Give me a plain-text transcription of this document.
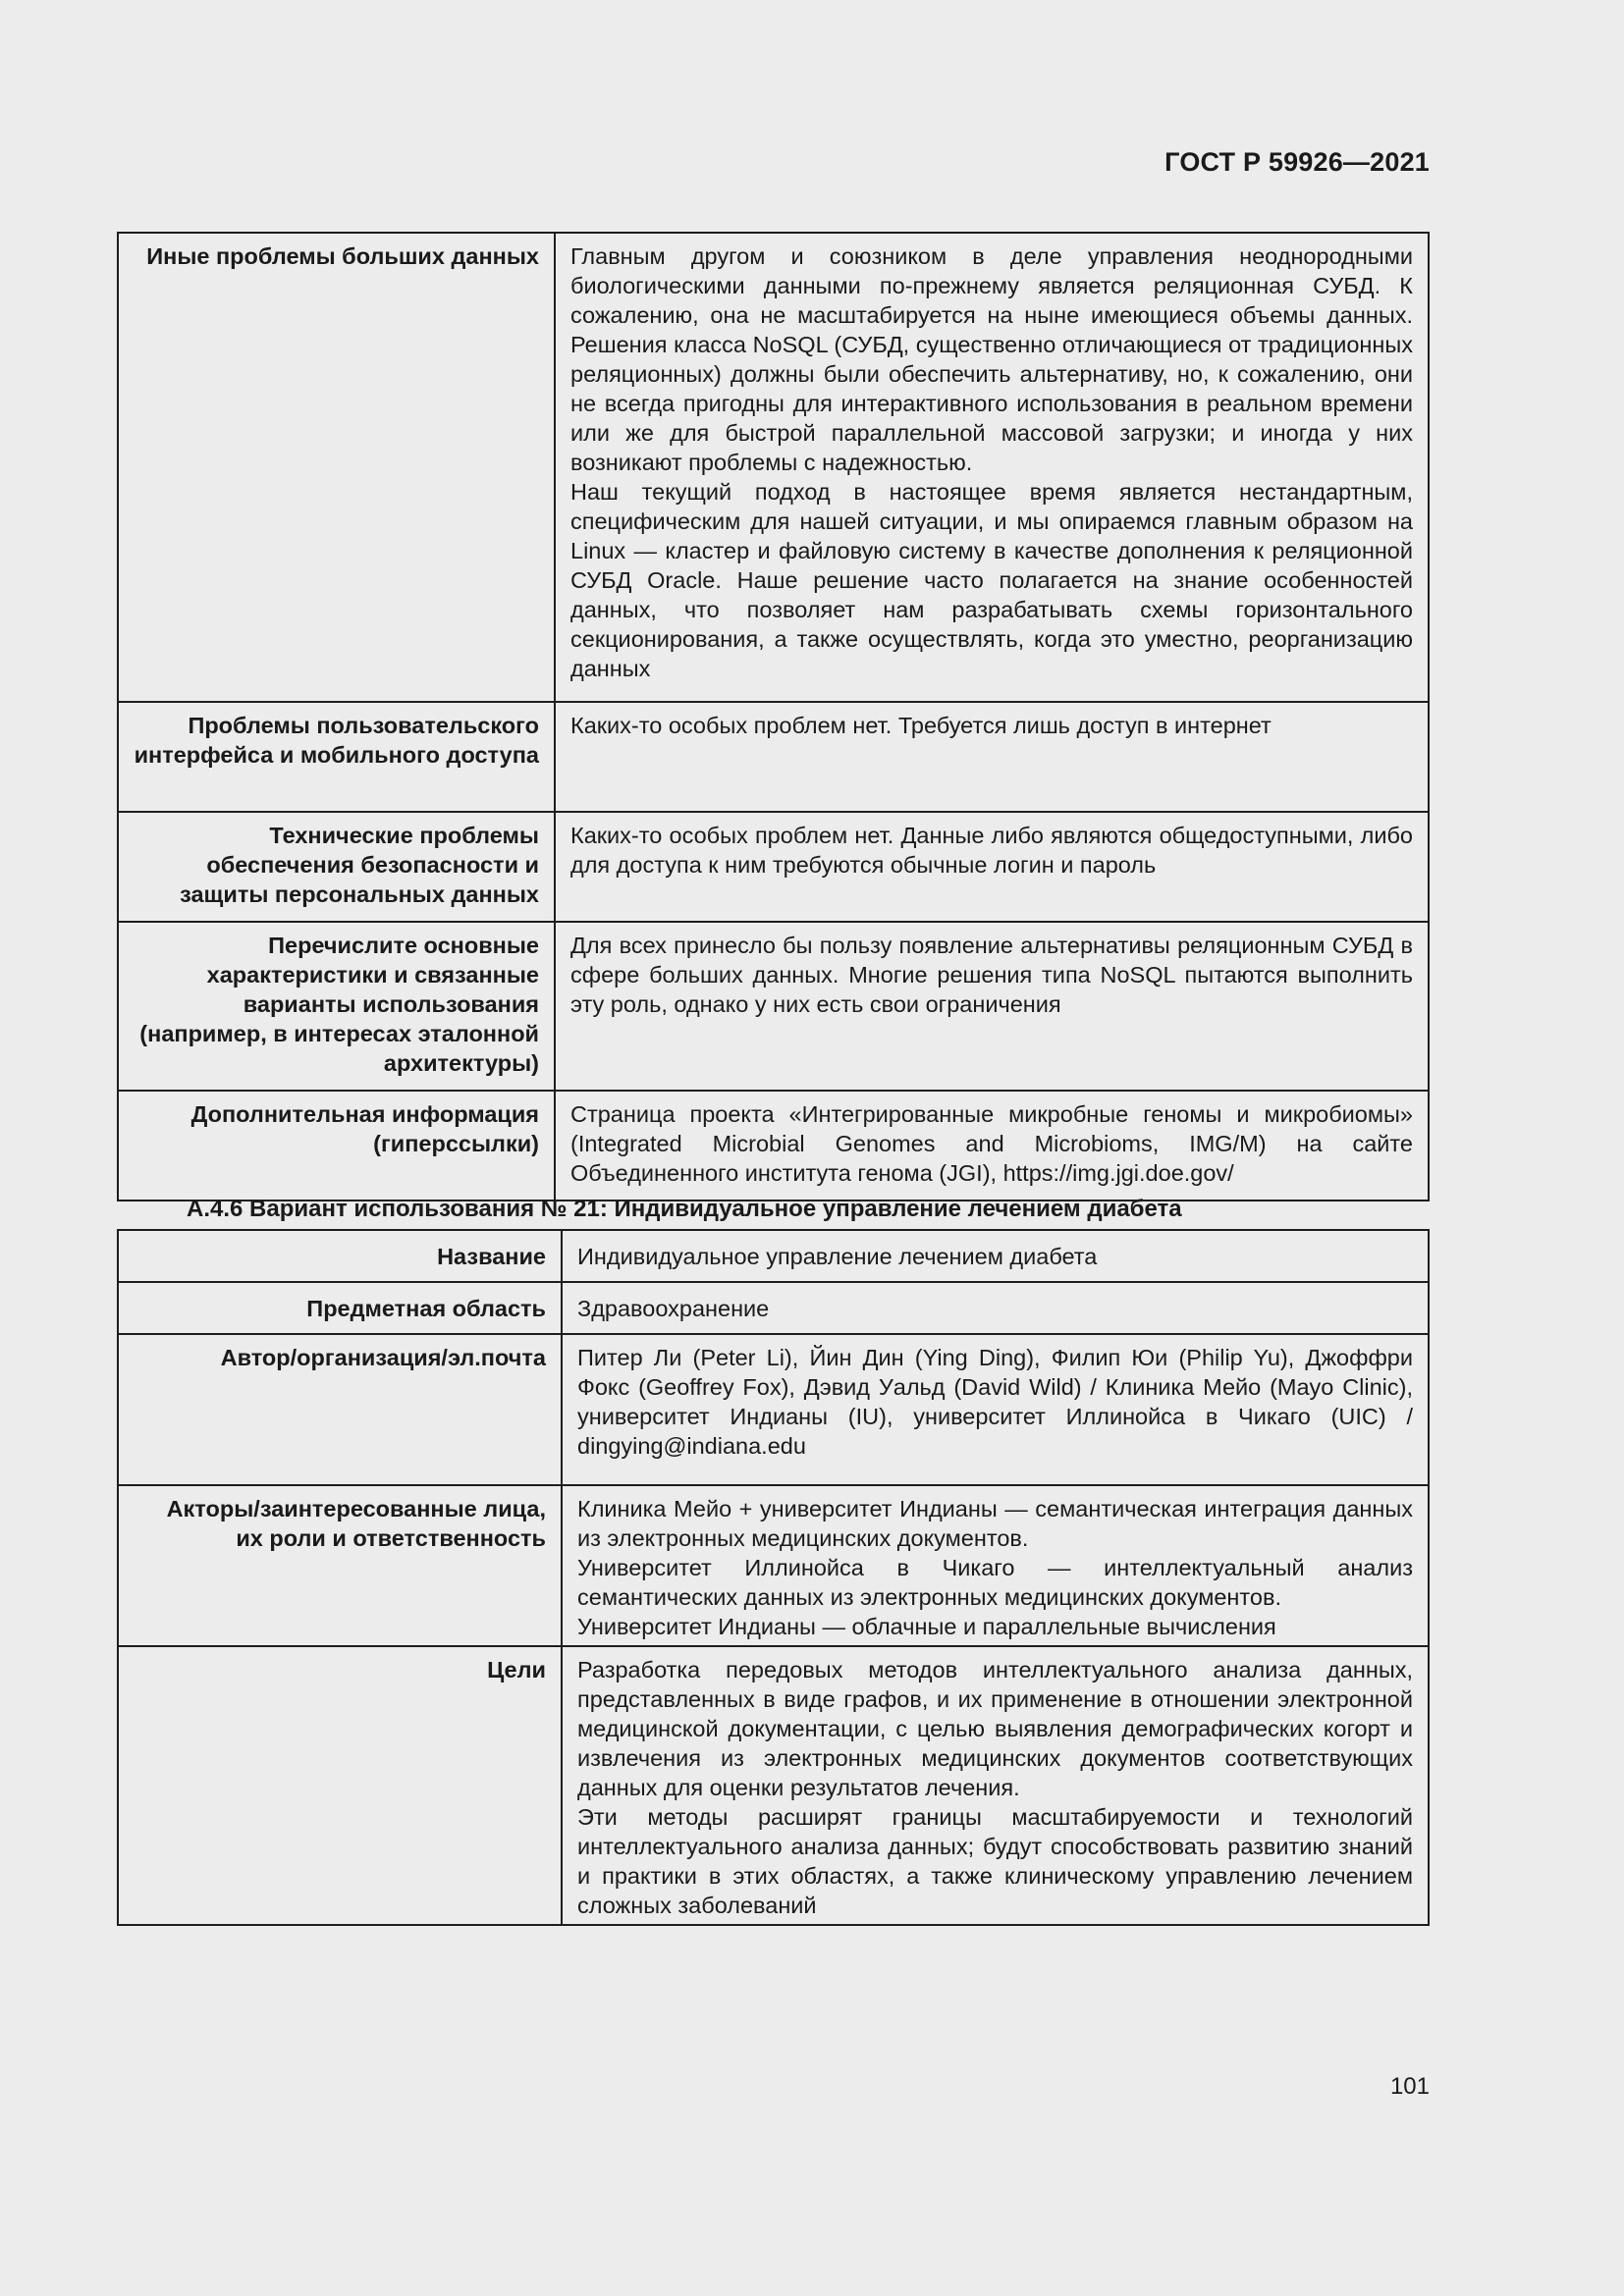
ГОСТ Р 59926—2021
Иные проблемы больших данных	Главным другом и союзником в деле управления неоднородными биологическими данными по-прежнему является реляционная СУБД. К сожалению, она не масштабируется на ныне имеющиеся объемы данных. Решения класса NoSQL (СУБД, существенно отличающиеся от традиционных реляционных) должны были обеспечить альтернативу, но, к сожалению, они не всегда пригодны для интерактивного использования в реальном времени или же для быстрой параллельной массовой загрузки; и иногда у них возникают проблемы с надежностью.
Наш текущий подход в настоящее время является нестандартным, специфическим для нашей ситуации, и мы опираемся главным образом на Linux — кластер и файловую систему в качестве дополнения к реляционной СУБД Oracle. Наше решение часто полагается на знание особенностей данных, что позволяет нам разрабатывать схемы горизонтального секционирования, а также осуществлять, когда это уместно, реорганизацию данных

Проблемы пользовательского интерфейса и мобильного доступа	Каких-то особых проблем нет. Требуется лишь доступ в интернет

Технические проблемы обеспечения безопасности и защиты персональных данных	Каких-то особых проблем нет. Данные либо являются общедоступными, либо для доступа к ним требуются обычные логин и пароль

Перечислите основные характеристики и связанные варианты использования (например, в интересах эталонной архитектуры)	Для всех принесло бы пользу появление альтернативы реляционным СУБД в сфере больших данных. Многие решения типа NoSQL пытаются выполнить эту роль, однако у них есть свои ограничения

Дополнительная информация (гиперссылки)	Страница проекта «Интегрированные микробные геномы и микробиомы» (Integrated Microbial Genomes and Microbioms, IMG/M) на сайте Объединенного института генома (JGI), https://img.jgi.doe.gov/
А.4.6 Вариант использования № 21: Индивидуальное управление лечением диабета
Название	Индивидуальное управление лечением диабета

Предметная область	Здравоохранение

Автор/организация/эл.почта	Питер Ли (Peter Li), Йин Дин (Ying Ding), Филип Юи (Philip Yu), Джоффри Фокс (Geoffrey Fox), Дэвид Уальд (David Wild) / Клиника Мейо (Mayo Clinic), университет Индианы (IU), университет Иллинойса в Чикаго (UIC) / dingying@indiana.edu

Акторы/заинтересованные лица, их роли и ответственность	Клиника Мейо + университет Индианы — семантическая интеграция данных из электронных медицинских документов.
Университет Иллинойса в Чикаго — интеллектуальный анализ семантических данных из электронных медицинских документов.
Университет Индианы — облачные и параллельные вычисления

Цели	Разработка передовых методов интеллектуального анализа данных, представленных в виде графов, и их применение в отношении электронной медицинской документации, с целью выявления демографических когорт и извлечения из электронных медицинских документов соответствующих данных для оценки результатов лечения.
Эти методы расширят границы масштабируемости и технологий интеллектуального анализа данных; будут способствовать развитию знаний и практики в этих областях, а также клиническому управлению лечением сложных заболеваний
101
